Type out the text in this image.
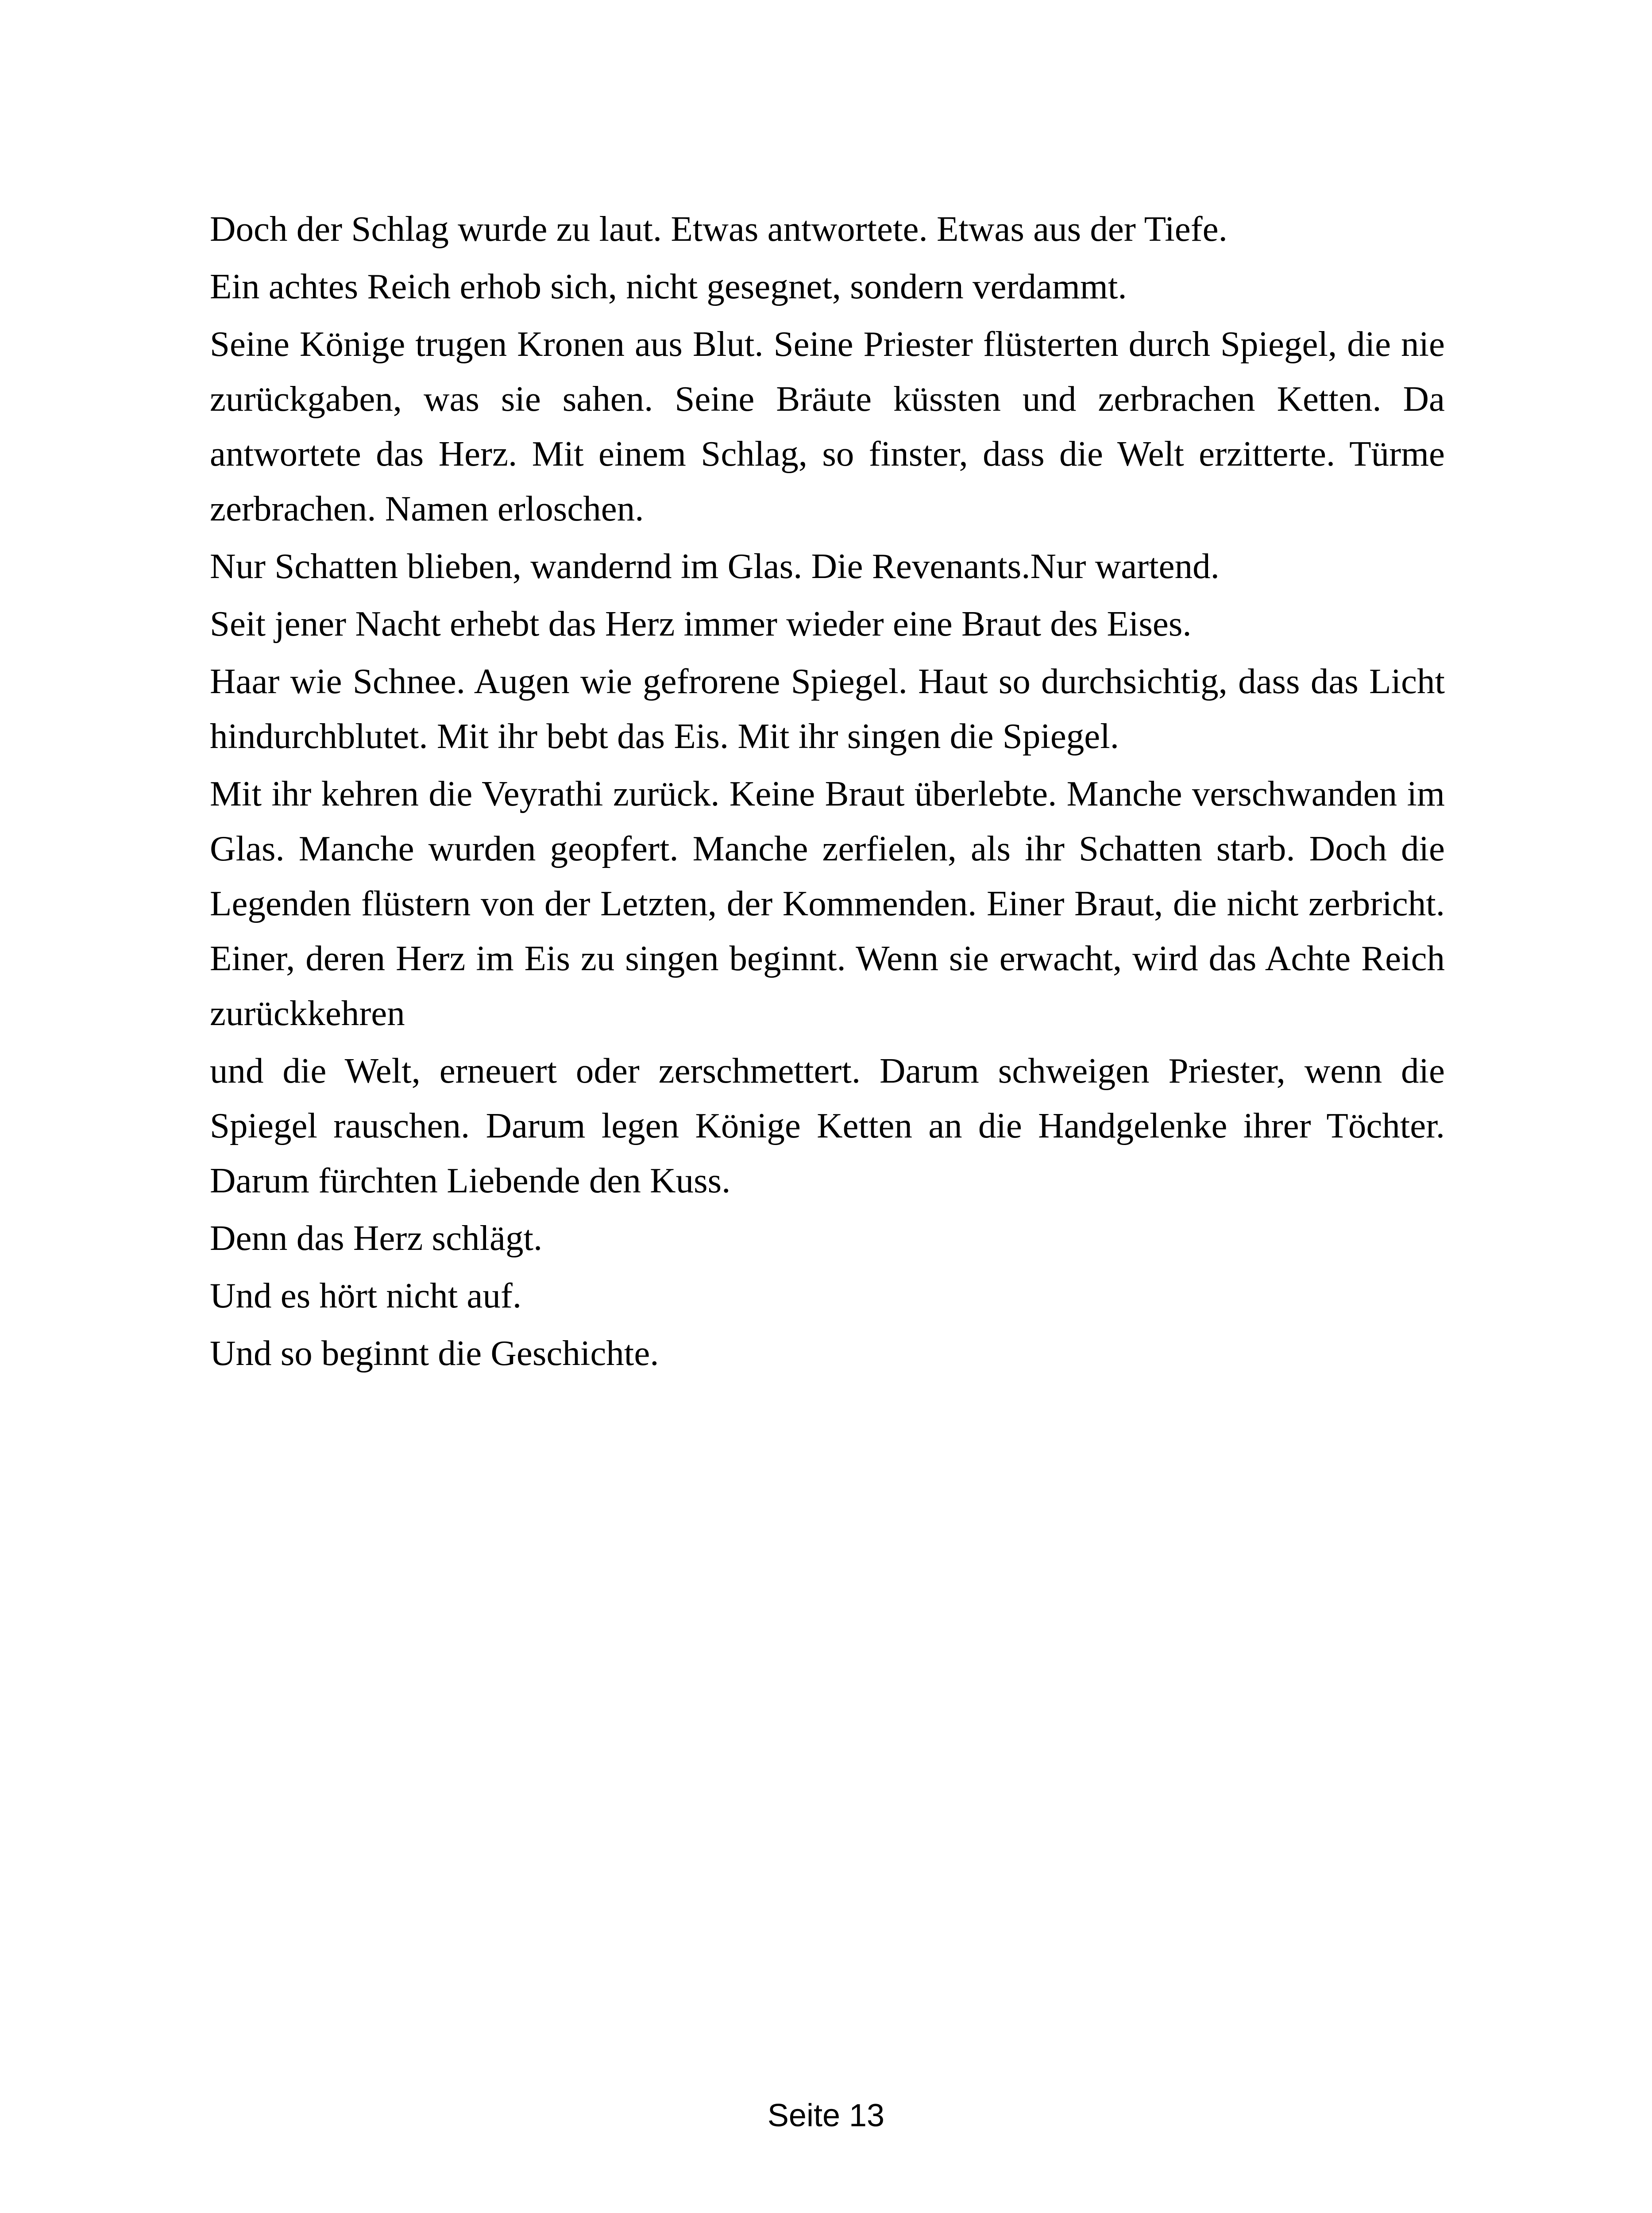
Doch der Schlag wurde zu laut. Etwas antwortete. Etwas aus der Tiefe.

Ein achtes Reich erhob sich, nicht gesegnet, sondern verdammt.

Seine Könige trugen Kronen aus Blut. Seine Priester flüsterten durch Spiegel, die nie zurückgaben, was sie sahen. Seine Bräute küssten und zerbrachen Ketten. Da antwortete das Herz. Mit einem Schlag, so finster, dass die Welt erzitterte. Türme zerbrachen. Namen erloschen.

Nur Schatten blieben, wandernd im Glas. Die Revenants.Nur wartend.

Seit jener Nacht erhebt das Herz immer wieder eine Braut des Eises.

Haar wie Schnee. Augen wie gefrorene Spiegel. Haut so durchsichtig, dass das Licht hindurchblutet. Mit ihr bebt das Eis. Mit ihr singen die Spiegel.

Mit ihr kehren die Veyrathi zurück. Keine Braut überlebte. Manche verschwanden im Glas. Manche wurden geopfert. Manche zerfielen, als ihr Schatten starb. Doch die Legenden flüstern von der Letzten, der Kommenden. Einer Braut, die nicht zerbricht. Einer, deren Herz im Eis zu singen beginnt. Wenn sie erwacht, wird das Achte Reich zurückkehren

und die Welt, erneuert oder zerschmettert. Darum schweigen Priester, wenn die Spiegel rauschen. Darum legen Könige Ketten an die Handgelenke ihrer Töchter. Darum fürchten Liebende den Kuss.

Denn das Herz schlägt.

Und es hört nicht auf.

Und so beginnt die Geschichte.

Seite 13
